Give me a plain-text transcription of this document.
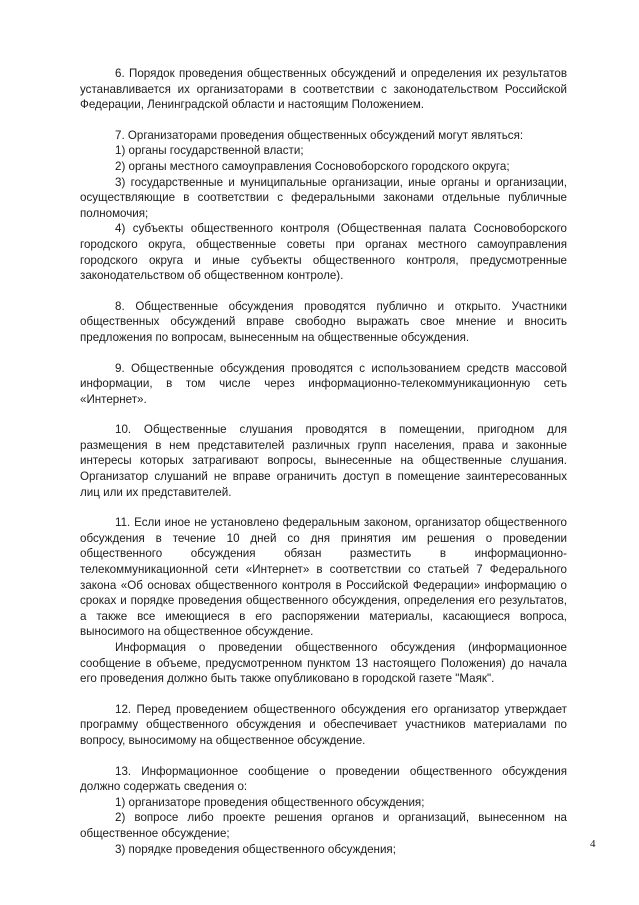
6. Порядок проведения общественных обсуждений и определения их результатов устанавливается их организаторами в соответствии с законодательством Российской Федерации, Ленинградской области и настоящим Положением.

7. Организаторами проведения общественных обсуждений могут являться:

1) органы государственной власти;

2) органы местного самоуправления Сосновоборского городского округа;

3) государственные и муниципальные организации, иные органы и организации, осуществляющие в соответствии с федеральными законами отдельные публичные полномочия;

4) субъекты общественного контроля (Общественная палата Сосновоборского городского округа, общественные советы при органах местного самоуправления городского округа и иные субъекты общественного контроля, предусмотренные законодательством об общественном контроле).

8. Общественные обсуждения проводятся публично и открыто. Участники общественных обсуждений вправе свободно выражать свое мнение и вносить предложения по вопросам, вынесенным на общественные обсуждения.

9. Общественные обсуждения проводятся с использованием средств массовой информации, в том числе через информационно-телекоммуникационную сеть «Интернет».

10. Общественные слушания проводятся в помещении, пригодном для размещения в нем представителей различных групп населения, права и законные интересы которых затрагивают вопросы, вынесенные на общественные слушания. Организатор слушаний не вправе ограничить доступ в помещение заинтересованных лиц или их представителей.

11. Если иное не установлено федеральным законом, организатор общественного обсуждения в течение 10 дней со дня принятия им решения о проведении общественного обсуждения обязан разместить в информационно-телекоммуникационной сети «Интернет» в соответствии со статьей 7 Федерального закона «Об основах общественного контроля в Российской Федерации» информацию о сроках и порядке проведения общественного обсуждения, определения его результатов, а также все имеющиеся в его распоряжении материалы, касающиеся вопроса, выносимого на общественное обсуждение.

Информация о проведении общественного обсуждения (информационное сообщение в объеме, предусмотренном пунктом 13 настоящего Положения) до начала его проведения должно быть также опубликовано в городской газете "Маяк".

12. Перед проведением общественного обсуждения его организатор утверждает программу общественного обсуждения и обеспечивает участников материалами по вопросу, выносимому на общественное обсуждение.

13. Информационное сообщение о проведении общественного обсуждения должно содержать сведения о:

1) организаторе проведения общественного обсуждения;

2) вопросе либо проекте решения органов и организаций, вынесенном на общественное обсуждение;

3) порядке проведения общественного обсуждения;	4
